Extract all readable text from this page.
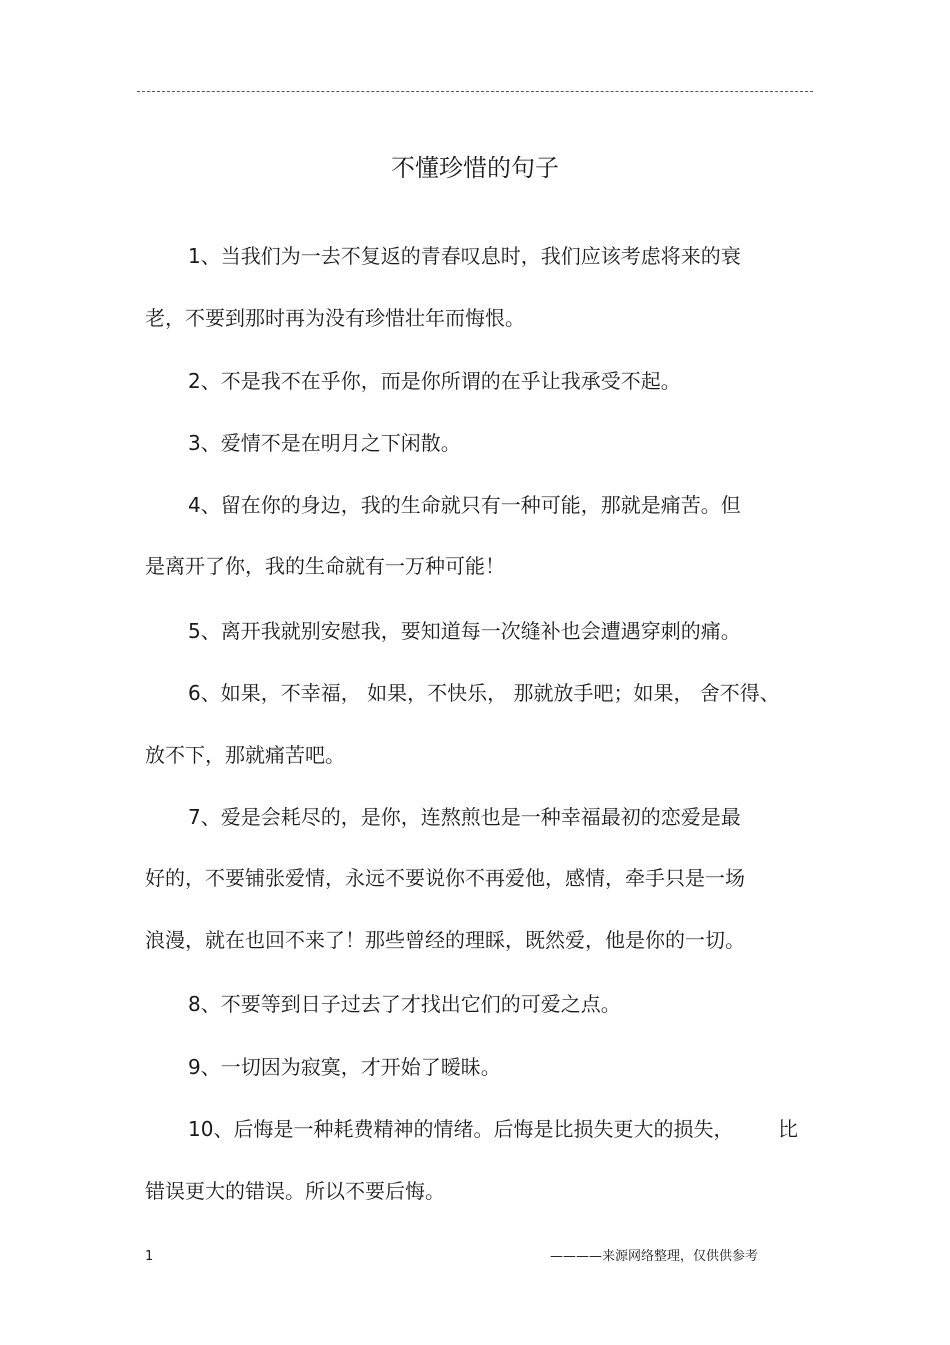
不懂珍惜的句子
1、当我们为一去不复返的青春叹息时，我们应该考虑将来的衰
老，不要到那时再为没有珍惜壮年而悔恨。
2、不是我不在乎你，而是你所谓的在乎让我承受不起。
3、爱情不是在明月之下闲散。
4、留在你的身边，我的生命就只有一种可能，那就是痛苦。但
是离开了你，我的生命就有一万种可能！
5、离开我就别安慰我，要知道每一次缝补也会遭遇穿刺的痛。
6、如果，不幸福， 如果，不快乐， 那就放手吧；如果， 舍不得、
放不下，那就痛苦吧。
7、爱是会耗尽的，是你，连熬煎也是一种幸福最初的恋爱是最
好的，不要铺张爱情，永远不要说你不再爱他，感情，牵手只是一场
浪漫，就在也回不来了！那些曾经的理睬，既然爱，他是你的一切。
8、不要等到日子过去了才找出它们的可爱之点。
9、一切因为寂寞，才开始了暧昧。
10、后悔是一种耗费精神的情绪。后悔是比损失更大的损失，       比
错误更大的错误。所以不要后悔。
1	————来源网络整理，仅供供参考
